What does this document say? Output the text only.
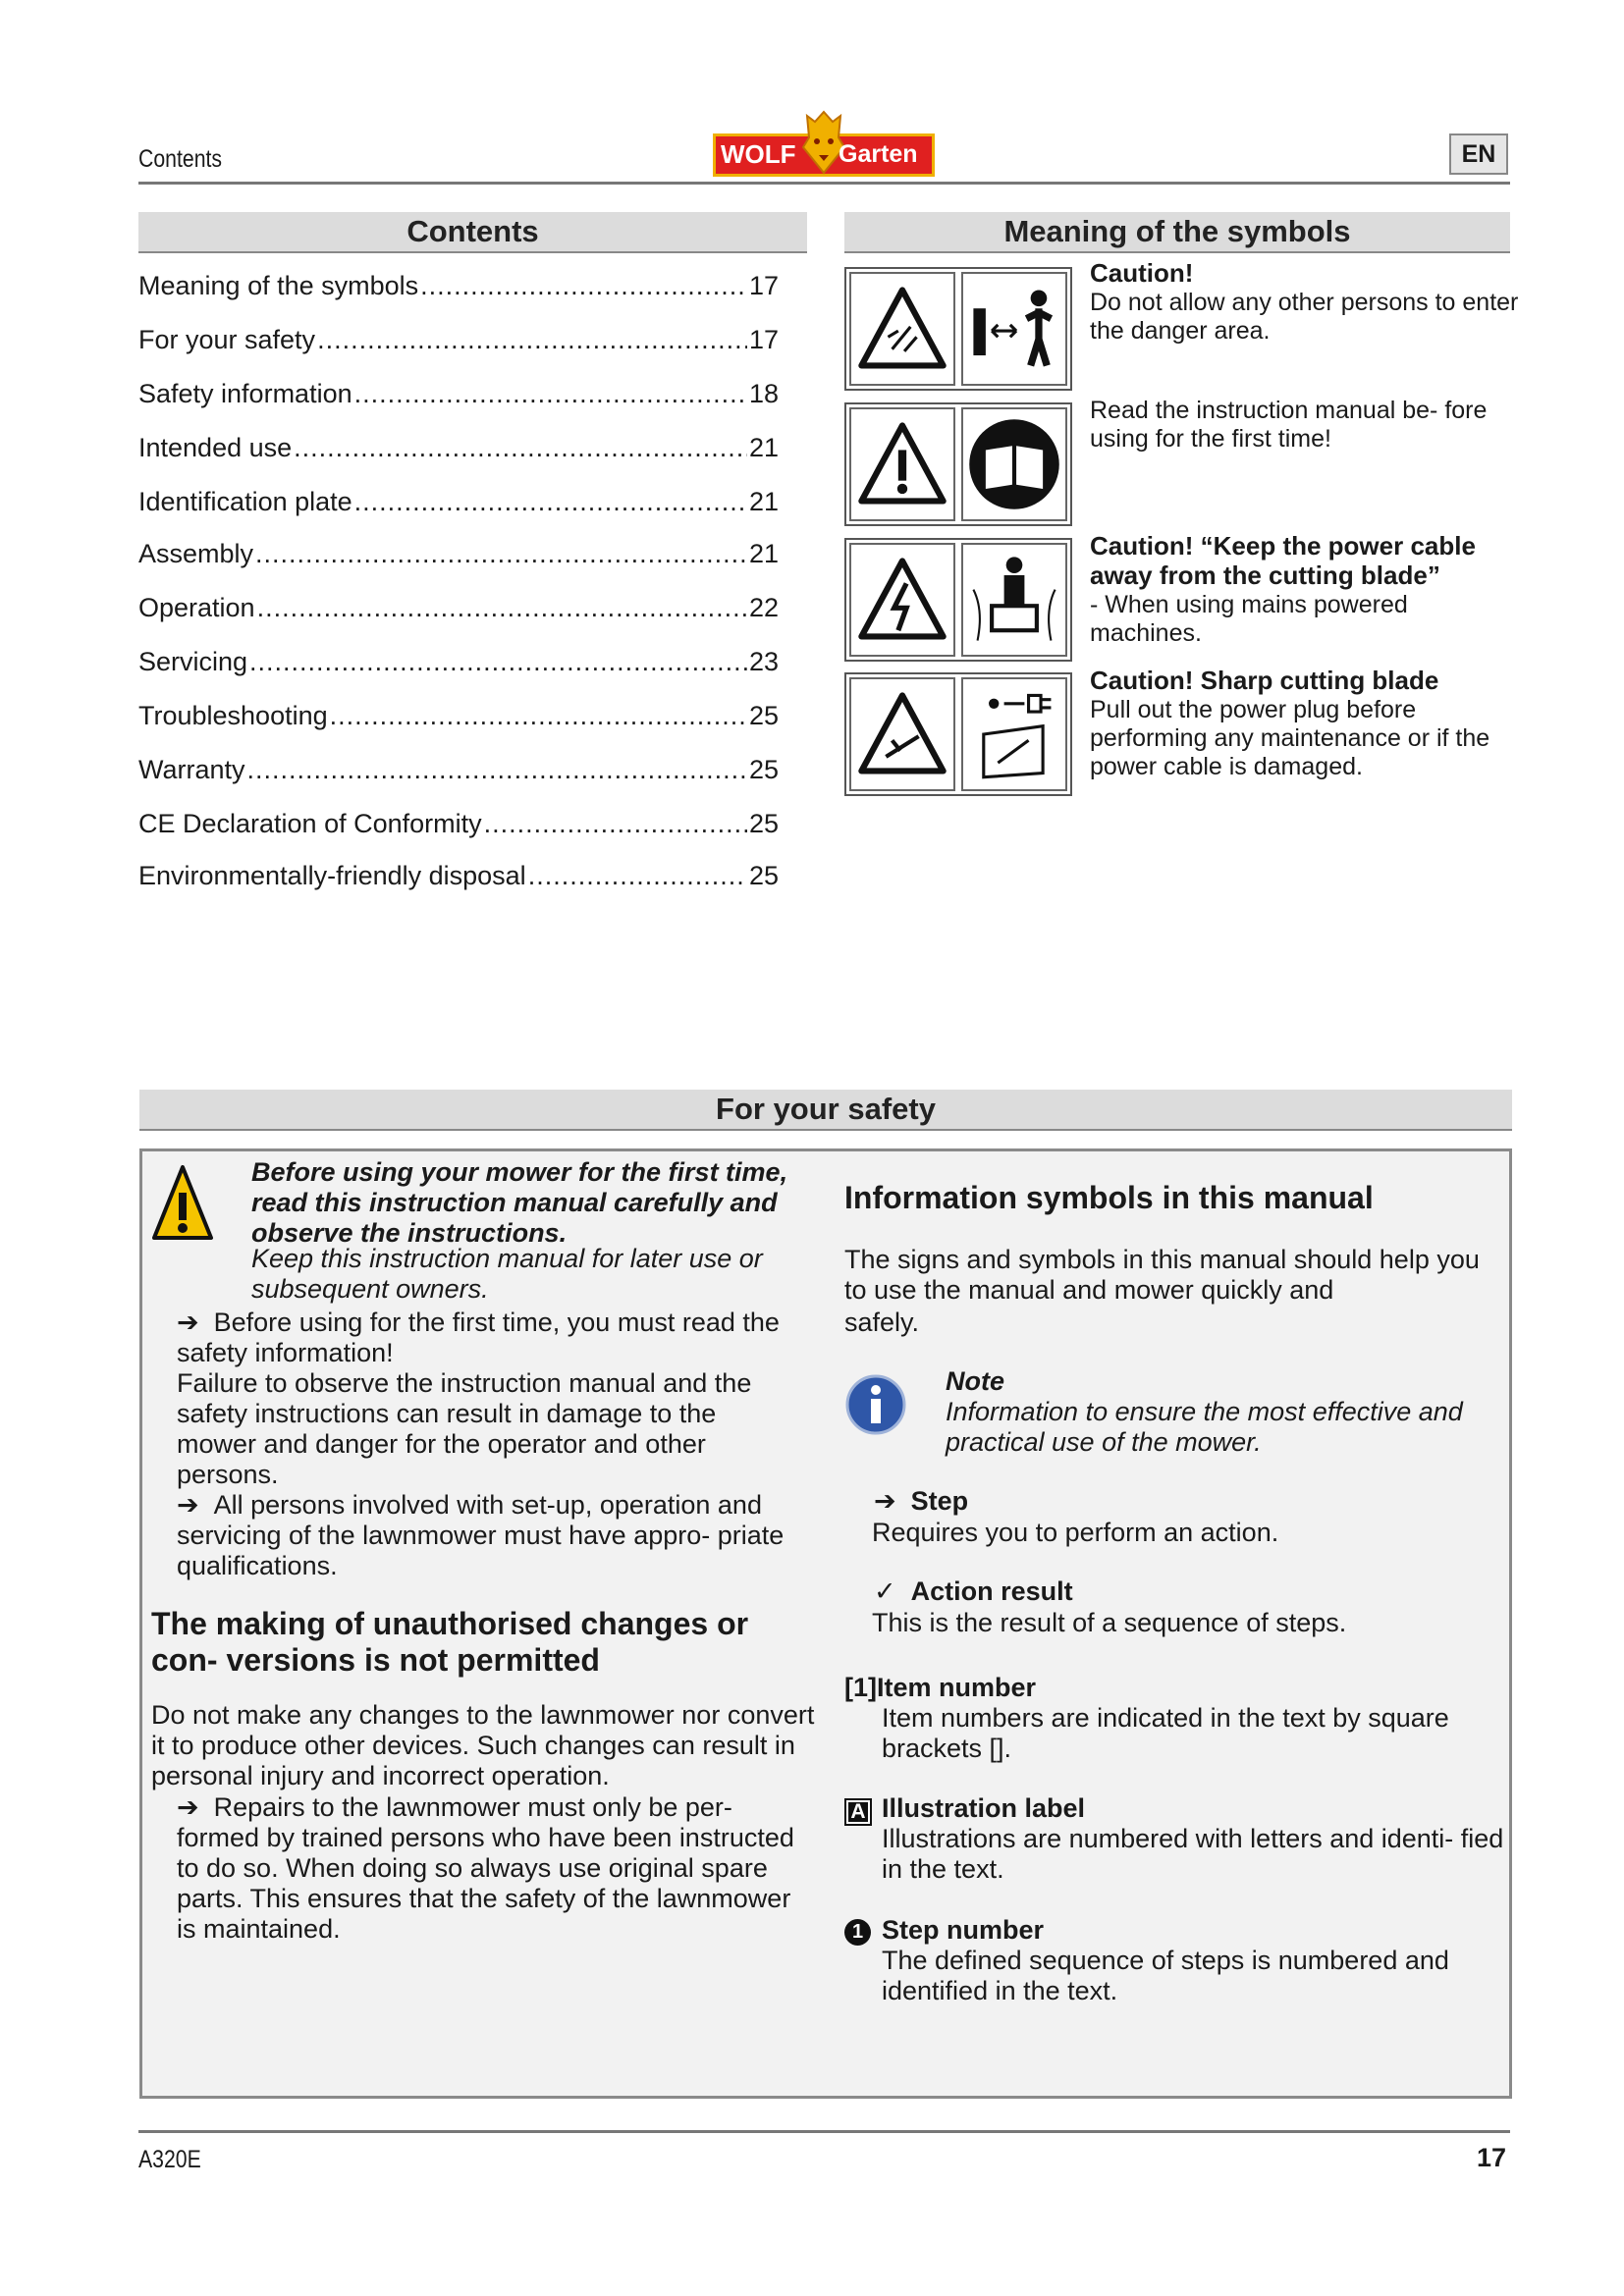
Contents	WOLF Garten	EN
Contents
Meaning of the symbols .....	17
For your safety .....	17
Safety information .....	18
Intended use .....	21
Identification plate .....	21
Assembly .....	21
Operation .....	22
Servicing .....	23
Troubleshooting .....	25
Warranty .....	25
CE Declaration of Conformity .....	25
Environmentally-friendly disposal .....	25
Meaning of the symbols
Caution!
Do not allow any other persons to enter the danger area.
Read the instruction manual be- fore using for the first time!
Caution! “Keep the power cable away from the cutting blade”
- When using mains powered machines.
Caution! Sharp cutting blade
Pull out the power plug before performing any maintenance or if the power cable is damaged.
For your safety
Before using your mower for the first time, read this instruction manual carefully and observe the instructions.
Keep this instruction manual for later use or subsequent owners.
➔ Before using for the first time, you must read the
safety information!
Failure to observe the instruction manual and the safety instructions can result in damage to the mower and danger for the operator and other persons.
➔ All persons involved with set-up, operation and servicing of the lawnmower must have appro- priate qualifications.
The making of unauthorised changes or con- versions is not permitted
Do not make any changes to the lawnmower nor convert it to produce other devices. Such changes can result in personal injury and incorrect operation.
➔ Repairs to the lawnmower must only be per- formed by trained persons who have been instructed to do so. When doing so always use original spare parts. This ensures that the safety of the lawnmower is maintained.
Information symbols in this manual
The signs and symbols in this manual should help you to use the manual and mower quickly and
safely.
Note
Information to ensure the most effective and practical use of the mower.
➔ Step
Requires you to perform an action.
✓ Action result
This is the result of a sequence of steps.
[1]Item number
Item numbers are indicated in the text by square brackets [].
A Illustration label
Illustrations are numbered with letters and identi- fied in the text.
1 Step number
The defined sequence of steps is numbered and identified in the text.
A320E	17
